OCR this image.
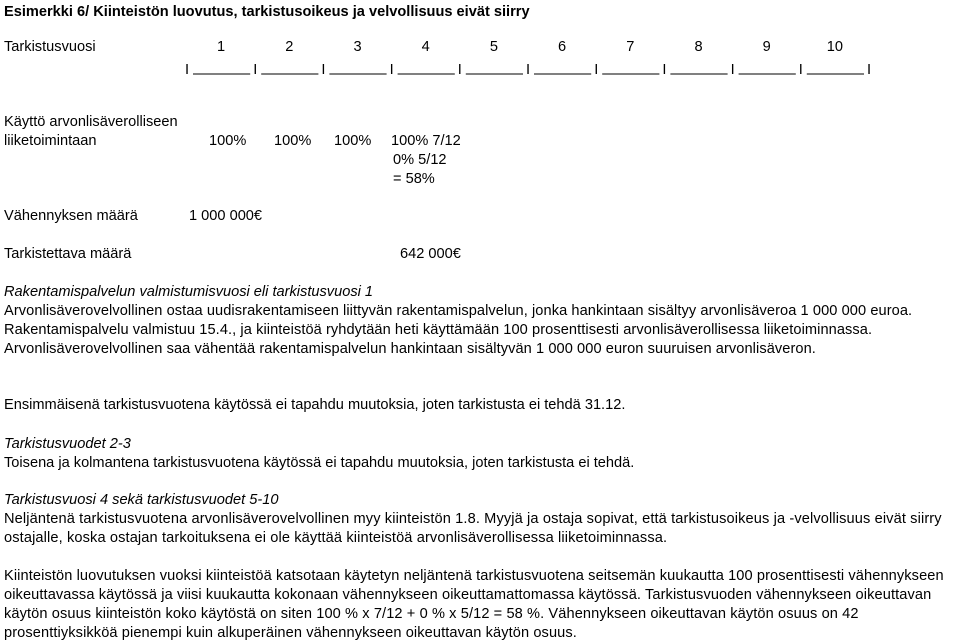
Esimerkki 6/ Kiinteistön luovutus, tarkistusoikeus ja velvollisuus eivät siirry
Tarkistusvuosi	1	2	3	4	5	6	7	8	9	10
I	I	I	I	I	I	I	I	I	I	I
Käyttö arvonlisäverolliseen
liiketoimintaan	100% 100% 100% 100% 7/12
0% 5/12
= 58%
Vähennyksen määrä	1 000 000€
Tarkistettava määrä	642 000€
Rakentamispalvelun valmistumisvuosi eli tarkistusvuosi 1
Arvonlisäverovelvollinen ostaa uudisrakentamiseen liittyvän rakentamispalvelun, jonka hankintaan sisältyy arvonlisäveroa 1 000 000 euroa. Rakentamispalvelu valmistuu 15.4., ja kiinteistöä ryhdytään heti käyttämään 100 prosenttisesti arvonlisäverollisessa liiketoiminnassa. Arvonlisäverovelvollinen saa vähentää rakentamispalvelun hankintaan sisältyvän 1 000 000 euron suuruisen arvonlisäveron.
Ensimmäisenä tarkistusvuotena käytössä ei tapahdu muutoksia, joten tarkistusta ei tehdä 31.12.
Tarkistusvuodet 2-3
Toisena ja kolmantena tarkistusvuotena käytössä ei tapahdu muutoksia, joten tarkistusta ei tehdä.
Tarkistusvuosi 4 sekä tarkistusvuodet 5-10
Neljäntenä tarkistusvuotena arvonlisäverovelvollinen myy kiinteistön 1.8. Myyjä ja ostaja sopivat, että tarkistusoikeus ja -velvollisuus eivät siirry ostajalle, koska ostajan tarkoituksena ei ole käyttää kiinteistöä arvonlisäverollisessa liiketoiminnassa.
Kiinteistön luovutuksen vuoksi kiinteistöä katsotaan käytetyn neljäntenä tarkistusvuotena seitsemän kuukautta 100 prosenttisesti vähennykseen oikeuttavassa käytössä ja viisi kuukautta kokonaan vähennykseen oikeuttamattomassa käytössä. Tarkistusvuoden vähennykseen oikeuttavan käytön osuus kiinteistön koko käytöstä on siten 100 % x 7/12 + 0 % x 5/12 = 58 %. Vähennykseen oikeuttavan käytön osuus on 42 prosenttiyksikköä pienempi kuin alkuperäinen vähennykseen oikeuttavan käytön osuus.
